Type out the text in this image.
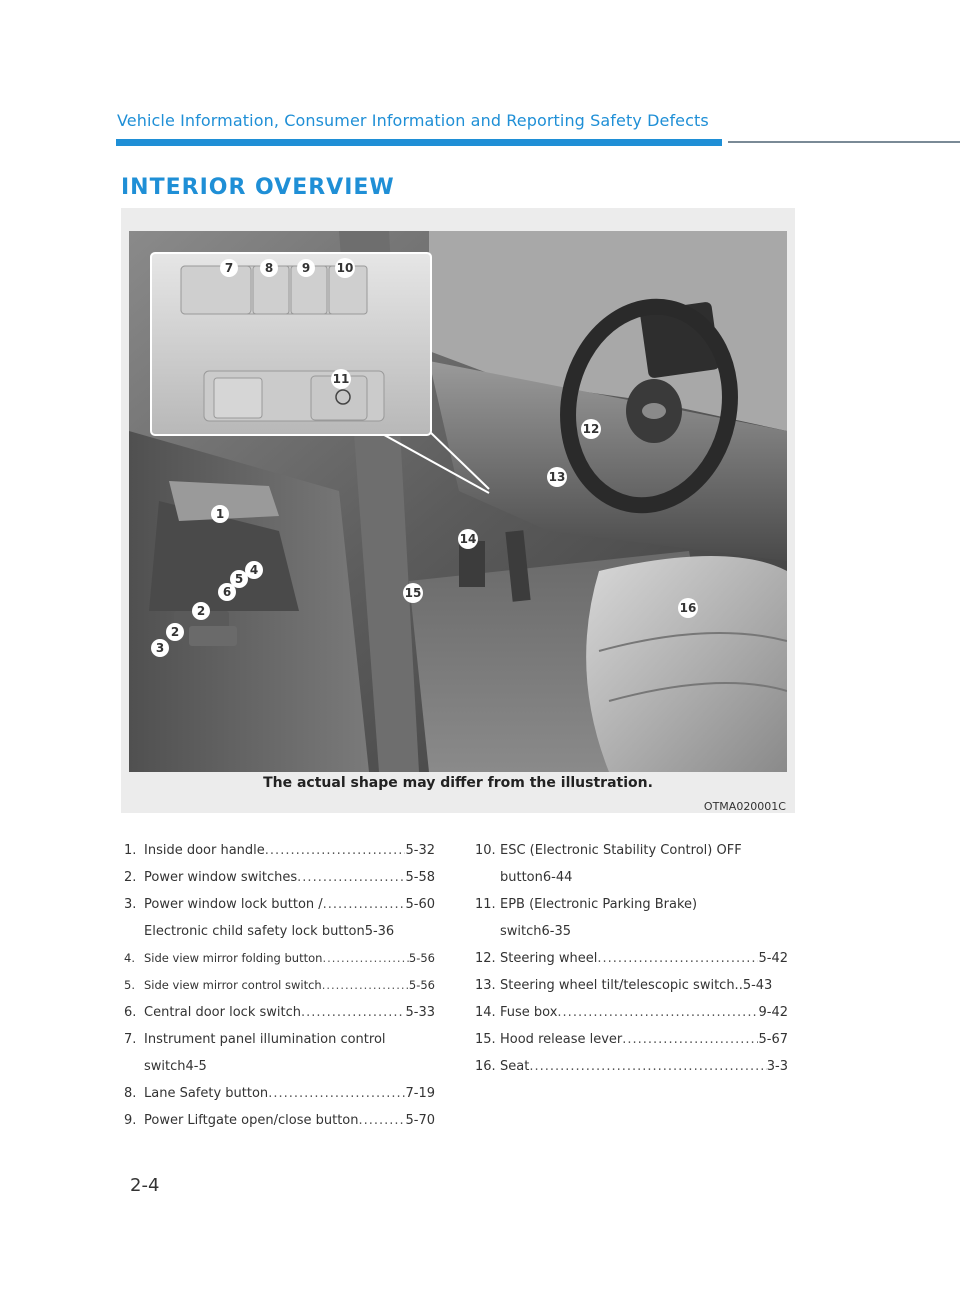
Vehicle Information, Consumer Information and Reporting Safety Defects
INTERIOR OVERVIEW
7	8 9 10
11
12
13
14
15
16
1
4
5
6
2
2
3
The actual shape may differ from the illustration.
OTMA020001C
1. Inside door handle .....	5-32
2. Power window switches .....	5-58
3. Power window lock button / .....	5-60
Electronic child safety lock button 5-36
4. Side view mirror folding button .....	5-56
5. Side view mirror control switch .....	5-56
6. Central door lock switch .....	5-33
7. Instrument panel illumination control
switch 4-5
8. Lane Safety button .....	7-19
9. Power Liftgate open/close button .....	5-70
10. ESC (Electronic Stability Control) OFF
button 6-44
11. EPB (Electronic Parking Brake)
switch 6-35
12. Steering wheel .....	5-42
13. Steering wheel tilt/telescopic switch.. 5-43
14. Fuse box .....	9-42
15. Hood release lever .....	5-67
16. Seat .....	3-3
2-4
